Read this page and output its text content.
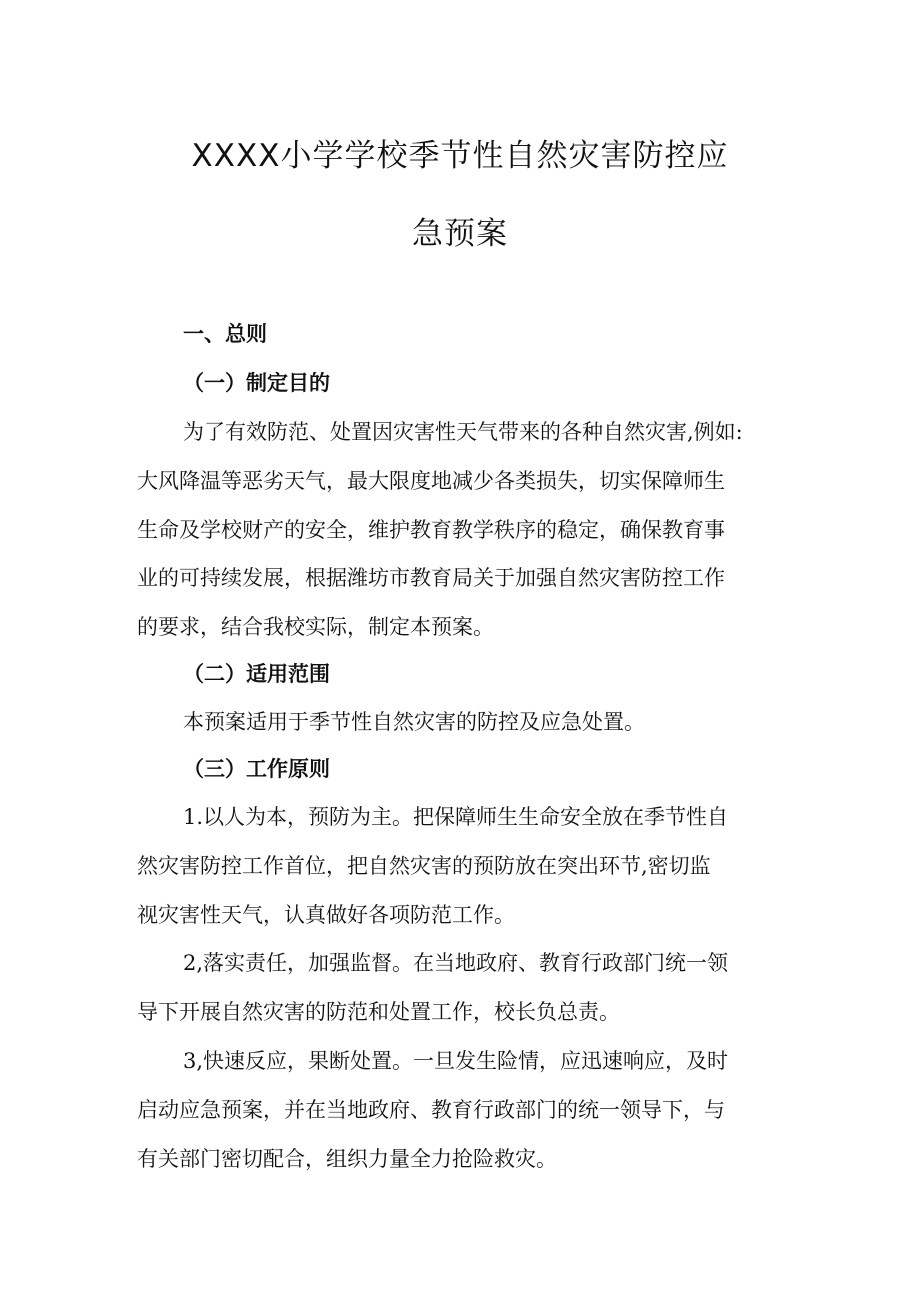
XXXX小学学校季节性自然灾害防控应
急预案
一、总则
（一）制定目的
为了有效防范、处置因灾害性天气带来的各种自然灾害,例如:
大风降温等恶劣天气，最大限度地减少各类损失，切实保障师生
生命及学校财产的安全，维护教育教学秩序的稳定，确保教育事
业的可持续发展，根据潍坊市教育局关于加强自然灾害防控工作
的要求，结合我校实际，制定本预案。
（二）适用范围
本预案适用于季节性自然灾害的防控及应急处置。
（三）工作原则
1.以人为本，预防为主。把保障师生生命安全放在季节性自
然灾害防控工作首位，把自然灾害的预防放在突出环节,密切监
视灾害性天气，认真做好各项防范工作。
2,落实责任，加强监督。在当地政府、教育行政部门统一领
导下开展自然灾害的防范和处置工作，校长负总责。
3,快速反应，果断处置。一旦发生险情，应迅速响应，及时
启动应急预案，并在当地政府、教育行政部门的统一领导下，与
有关部门密切配合，组织力量全力抢险救灾。
